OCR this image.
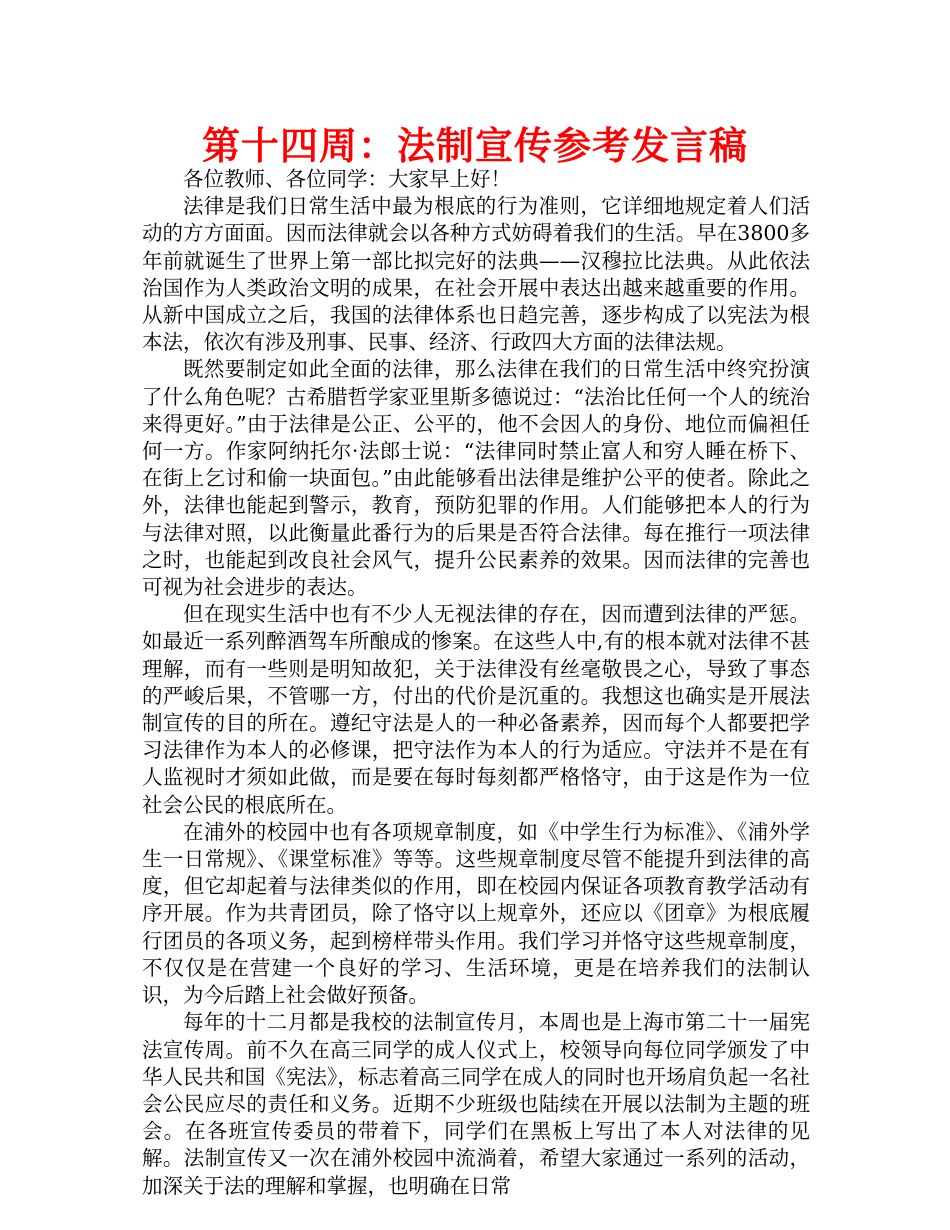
第十四周：法制宣传参考发言稿

各位教师、各位同学：大家早上好！

法律是我们日常生活中最为根底的行为准则，它详细地规定着人们活动的方方面面。因而法律就会以各种方式妨碍着我们的生活。早在3800多年前就诞生了世界上第一部比拟完好的法典——汉穆拉比法典。从此依法治国作为人类政治文明的成果，在社会开展中表达出越来越重要的作用。从新中国成立之后，我国的法律体系也日趋完善，逐步构成了以宪法为根本法，依次有涉及刑事、民事、经济、行政四大方面的法律法规。

既然要制定如此全面的法律，那么法律在我们的日常生活中终究扮演了什么角色呢？古希腊哲学家亚里斯多德说过：“法治比任何一个人的统治来得更好。”由于法律是公正、公平的，他不会因人的身份、地位而偏袒任何一方。作家阿纳托尔·法郎士说：“法律同时禁止富人和穷人睡在桥下、在街上乞讨和偷一块面包。”由此能够看出法律是维护公平的使者。除此之外，法律也能起到警示，教育，预防犯罪的作用。人们能够把本人的行为与法律对照，以此衡量此番行为的后果是否符合法律。每在推行一项法律之时，也能起到改良社会风气，提升公民素养的效果。因而法律的完善也可视为社会进步的表达。

但在现实生活中也有不少人无视法律的存在，因而遭到法律的严惩。如最近一系列醉酒驾车所酿成的惨案。在这些人中,有的根本就对法律不甚理解，而有一些则是明知故犯，关于法律没有丝毫敬畏之心，导致了事态的严峻后果，不管哪一方，付出的代价是沉重的。我想这也确实是开展法制宣传的目的所在。遵纪守法是人的一种必备素养，因而每个人都要把学习法律作为本人的必修课，把守法作为本人的行为适应。守法并不是在有人监视时才须如此做，而是要在每时每刻都严格恪守，由于这是作为一位社会公民的根底所在。

在浦外的校园中也有各项规章制度，如《中学生行为标准》、《浦外学生一日常规》、《课堂标准》等等。这些规章制度尽管不能提升到法律的高度，但它却起着与法律类似的作用，即在校园内保证各项教育教学活动有序开展。作为共青团员，除了恪守以上规章外，还应以《团章》为根底履行团员的各项义务，起到榜样带头作用。我们学习并恪守这些规章制度，不仅仅是在营建一个良好的学习、生活环境，更是在培养我们的法制认识，为今后踏上社会做好预备。

每年的十二月都是我校的法制宣传月，本周也是上海市第二十一届宪法宣传周。前不久在高三同学的成人仪式上，校领导向每位同学颁发了中华人民共和国《宪法》，标志着高三同学在成人的同时也开场肩负起一名社会公民应尽的责任和义务。近期不少班级也陆续在开展以法制为主题的班会。在各班宣传委员的带着下，同学们在黑板上写出了本人对法律的见解。法制宣传又一次在浦外校园中流淌着，希望大家通过一系列的活动，加深关于法的理解和掌握，也明确在日常
